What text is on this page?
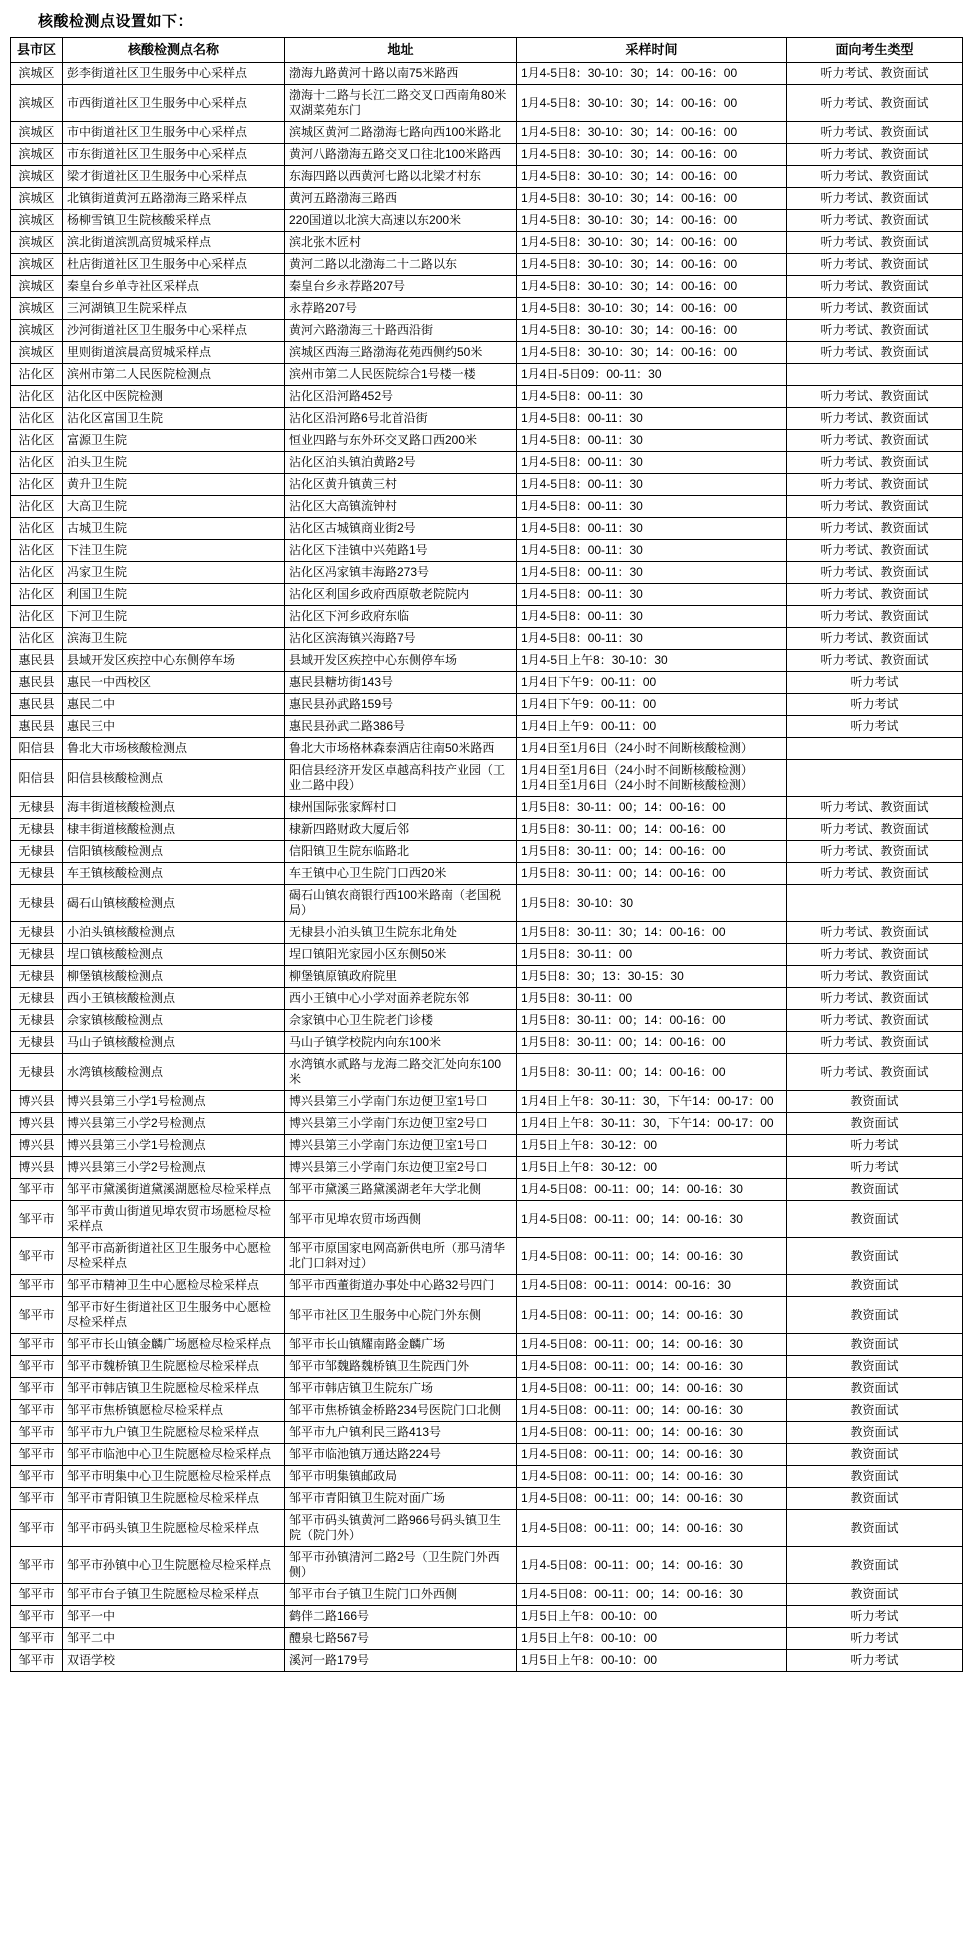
核酸检测点设置如下：
县市区	核酸检测点名称	地址	采样时间	面向考生类型

滨城区	彭李街道社区卫生服务中心采样点	渤海九路黄河十路以南75米路西	1月4-5日8：30-10：30；14：00-16：00	听力考试、教资面试

滨城区	市西街道社区卫生服务中心采样点	渤海十二路与长江二路交叉口西南角80米双湖菜苑东门	1月4-5日8：30-10：30；14：00-16：00	听力考试、教资面试

滨城区	市中街道社区卫生服务中心采样点	滨城区黄河二路渤海七路向西100米路北	1月4-5日8：30-10：30；14：00-16：00	听力考试、教资面试

滨城区	市东街道社区卫生服务中心采样点	黄河八路渤海五路交叉口往北100米路西	1月4-5日8：30-10：30；14：00-16：00	听力考试、教资面试

滨城区	梁才街道社区卫生服务中心采样点	东海四路以西黄河七路以北梁才村东	1月4-5日8：30-10：30；14：00-16：00	听力考试、教资面试

滨城区	北镇街道黄河五路渤海三路采样点	黄河五路渤海三路西	1月4-5日8：30-10：30；14：00-16：00	听力考试、教资面试

滨城区	杨柳雪镇卫生院核酸采样点	220国道以北滨大高速以东200米	1月4-5日8：30-10：30；14：00-16：00	听力考试、教资面试

滨城区	滨北街道滨凯高贸城采样点	滨北张木匠村	1月4-5日8：30-10：30；14：00-16：00	听力考试、教资面试

滨城区	杜店街道社区卫生服务中心采样点	黄河二路以北渤海二十二路以东	1月4-5日8：30-10：30；14：00-16：00	听力考试、教资面试

滨城区	秦皇台乡单寺社区采样点	秦皇台乡永荐路207号	1月4-5日8：30-10：30；14：00-16：00	听力考试、教资面试

滨城区	三河湖镇卫生院采样点	永荐路207号	1月4-5日8：30-10：30；14：00-16：00	听力考试、教资面试

滨城区	沙河街道社区卫生服务中心采样点	黄河六路渤海三十路西沿街	1月4-5日8：30-10：30；14：00-16：00	听力考试、教资面试

滨城区	里则街道滨晨高贸城采样点	滨城区西海三路渤海花苑西侧约50米	1月4-5日8：30-10：30；14：00-16：00	听力考试、教资面试

沾化区	滨州市第二人民医院检测点	滨州市第二人民医院综合1号楼一楼	1月4日-5日09：00-11：30	

沾化区	沾化区中医院检测	沾化区沿河路452号	1月4-5日8：00-11：30	听力考试、教资面试

沾化区	沾化区富国卫生院	沾化区沿河路6号北首沿街	1月4-5日8：00-11：30	听力考试、教资面试

沾化区	富源卫生院	恒业四路与东外环交叉路口西200米	1月4-5日8：00-11：30	听力考试、教资面试

沾化区	泊头卫生院	沾化区泊头镇泊黄路2号	1月4-5日8：00-11：30	听力考试、教资面试

沾化区	黄升卫生院	沾化区黄升镇黄三村	1月4-5日8：00-11：30	听力考试、教资面试

沾化区	大高卫生院	沾化区大高镇流钟村	1月4-5日8：00-11：30	听力考试、教资面试

沾化区	古城卫生院	沾化区古城镇商业街2号	1月4-5日8：00-11：30	听力考试、教资面试

沾化区	下洼卫生院	沾化区下洼镇中兴苑路1号	1月4-5日8：00-11：30	听力考试、教资面试

沾化区	冯家卫生院	沾化区冯家镇丰海路273号	1月4-5日8：00-11：30	听力考试、教资面试

沾化区	利国卫生院	沾化区利国乡政府西原敬老院院内	1月4-5日8：00-11：30	听力考试、教资面试

沾化区	下河卫生院	沾化区下河乡政府东临	1月4-5日8：00-11：30	听力考试、教资面试

沾化区	滨海卫生院	沾化区滨海镇兴海路7号	1月4-5日8：00-11：30	听力考试、教资面试

惠民县	县域开发区疾控中心东侧停车场	县域开发区疾控中心东侧停车场	1月4-5日上午8：30-10：30	听力考试、教资面试

惠民县	惠民一中西校区	惠民县糖坊街143号	1月4日下午9：00-11：00	听力考试

惠民县	惠民二中	惠民县孙武路159号	1月4日下午9：00-11：00	听力考试

惠民县	惠民三中	惠民县孙武二路386号	1月4日上午9：00-11：00	听力考试

阳信县	鲁北大市场核酸检测点	鲁北大市场格林森泰酒店往南50米路西	1月4日至1月6日（24小时不间断核酸检测）	

阳信县	阳信县核酸检测点	阳信县经济开发区卓越高科技产业园（工业二路中段）	1月4日至1月6日（24小时不间断核酸检测）
1月4日至1月6日（24小时不间断核酸检测）	

无棣县	海丰街道核酸检测点	棣州国际张家辉村口	1月5日8：30-11：00；14：00-16：00	听力考试、教资面试

无棣县	棣丰街道核酸检测点	棣新四路财政大厦后邻	1月5日8：30-11：00；14：00-16：00	听力考试、教资面试

无棣县	信阳镇核酸检测点	信阳镇卫生院东临路北	1月5日8：30-11：00；14：00-16：00	听力考试、教资面试

无棣县	车王镇核酸检测点	车王镇中心卫生院门口西20米	1月5日8：30-11：00；14：00-16：00	听力考试、教资面试

无棣县	碣石山镇核酸检测点	碣石山镇农商银行西100米路南（老国税局）	1月5日8：30-10：30	

无棣县	小泊头镇核酸检测点	无棣县小泊头镇卫生院东北角处	1月5日8：30-11：30；14：00-16：00	听力考试、教资面试

无棣县	埕口镇核酸检测点	埕口镇阳光家园小区东侧50米	1月5日8：30-11：00	听力考试、教资面试

无棣县	柳堡镇核酸检测点	柳堡镇原镇政府院里	1月5日8：30；13：30-15：30	听力考试、教资面试

无棣县	西小王镇核酸检测点	西小王镇中心小学对面养老院东邻	1月5日8：30-11：00	听力考试、教资面试

无棣县	佘家镇核酸检测点	佘家镇中心卫生院老门诊楼	1月5日8：30-11：00；14：00-16：00	听力考试、教资面试

无棣县	马山子镇核酸检测点	马山子镇学校院内向东100米	1月5日8：30-11：00；14：00-16：00	听力考试、教资面试

无棣县	水湾镇核酸检测点	水湾镇水贰路与龙海二路交汇处向东100米	1月5日8：30-11：00；14：00-16：00	听力考试、教资面试

博兴县	博兴县第三小学1号检测点	博兴县第三小学南门东边便卫室1号口	1月4日上午8：30-11：30，下午14：00-17：00	教资面试

博兴县	博兴县第三小学2号检测点	博兴县第三小学南门东边便卫室2号口	1月4日上午8：30-11：30，下午14：00-17：00	教资面试

博兴县	博兴县第三小学1号检测点	博兴县第三小学南门东边便卫室1号口	1月5日上午8：30-12：00	听力考试

博兴县	博兴县第三小学2号检测点	博兴县第三小学南门东边便卫室2号口	1月5日上午8：30-12：00	听力考试

邹平市	邹平市黛溪街道黛溪湖愿检尽检采样点	邹平市黛溪三路黛溪湖老年大学北侧	1月4-5日08：00-11：00；14：00-16：30	教资面试

邹平市	邹平市黄山街道见埠农贸市场愿检尽检采样点	邹平市见埠农贸市场西侧	1月4-5日08：00-11：00；14：00-16：30	教资面试

邹平市	邹平市高新街道社区卫生服务中心愿检尽检采样点	邹平市原国家电网高新供电所（那马清华北门口斜对过）	1月4-5日08：00-11：00；14：00-16：30	教资面试

邹平市	邹平市精神卫生中心愿检尽检采样点	邹平市西董街道办事处中心路32号四门	1月4-5日08：00-11：0014：00-16：30	教资面试

邹平市	邹平市好生街道社区卫生服务中心愿检尽检采样点	邹平市社区卫生服务中心院门外东侧	1月4-5日08：00-11：00；14：00-16：30	教资面试

邹平市	邹平市长山镇金麟广场愿检尽检采样点	邹平市长山镇耀南路金麟广场	1月4-5日08：00-11：00；14：00-16：30	教资面试

邹平市	邹平市魏桥镇卫生院愿检尽检采样点	邹平市邹魏路魏桥镇卫生院西门外	1月4-5日08：00-11：00；14：00-16：30	教资面试

邹平市	邹平市韩店镇卫生院愿检尽检采样点	邹平市韩店镇卫生院东广场	1月4-5日08：00-11：00；14：00-16：30	教资面试

邹平市	邹平市焦桥镇愿检尽检采样点	邹平市焦桥镇金桥路234号医院门口北侧	1月4-5日08：00-11：00；14：00-16：30	教资面试

邹平市	邹平市九户镇卫生院愿检尽检采样点	邹平市九户镇利民三路413号	1月4-5日08：00-11：00；14：00-16：30	教资面试

邹平市	邹平市临池中心卫生院愿检尽检采样点	邹平市临池镇万通达路224号	1月4-5日08：00-11：00；14：00-16：30	教资面试

邹平市	邹平市明集中心卫生院愿检尽检采样点	邹平市明集镇邮政局	1月4-5日08：00-11：00；14：00-16：30	教资面试

邹平市	邹平市青阳镇卫生院愿检尽检采样点	邹平市青阳镇卫生院对面广场	1月4-5日08：00-11：00；14：00-16：30	教资面试

邹平市	邹平市码头镇卫生院愿检尽检采样点	邹平市码头镇黄河二路966号码头镇卫生院（院门外）	1月4-5日08：00-11：00；14：00-16：30	教资面试

邹平市	邹平市孙镇中心卫生院愿检尽检采样点	邹平市孙镇清河二路2号（卫生院门外西侧）	1月4-5日08：00-11：00；14：00-16：30	教资面试

邹平市	邹平市台子镇卫生院愿检尽检采样点	邹平市台子镇卫生院门口外西侧	1月4-5日08：00-11：00；14：00-16：30	教资面试

邹平市	邹平一中	鹤伴二路166号	1月5日上午8：00-10：00	听力考试

邹平市	邹平二中	醴泉七路567号	1月5日上午8：00-10：00	听力考试

邹平市	双语学校	溪河一路179号	1月5日上午8：00-10：00	听力考试
